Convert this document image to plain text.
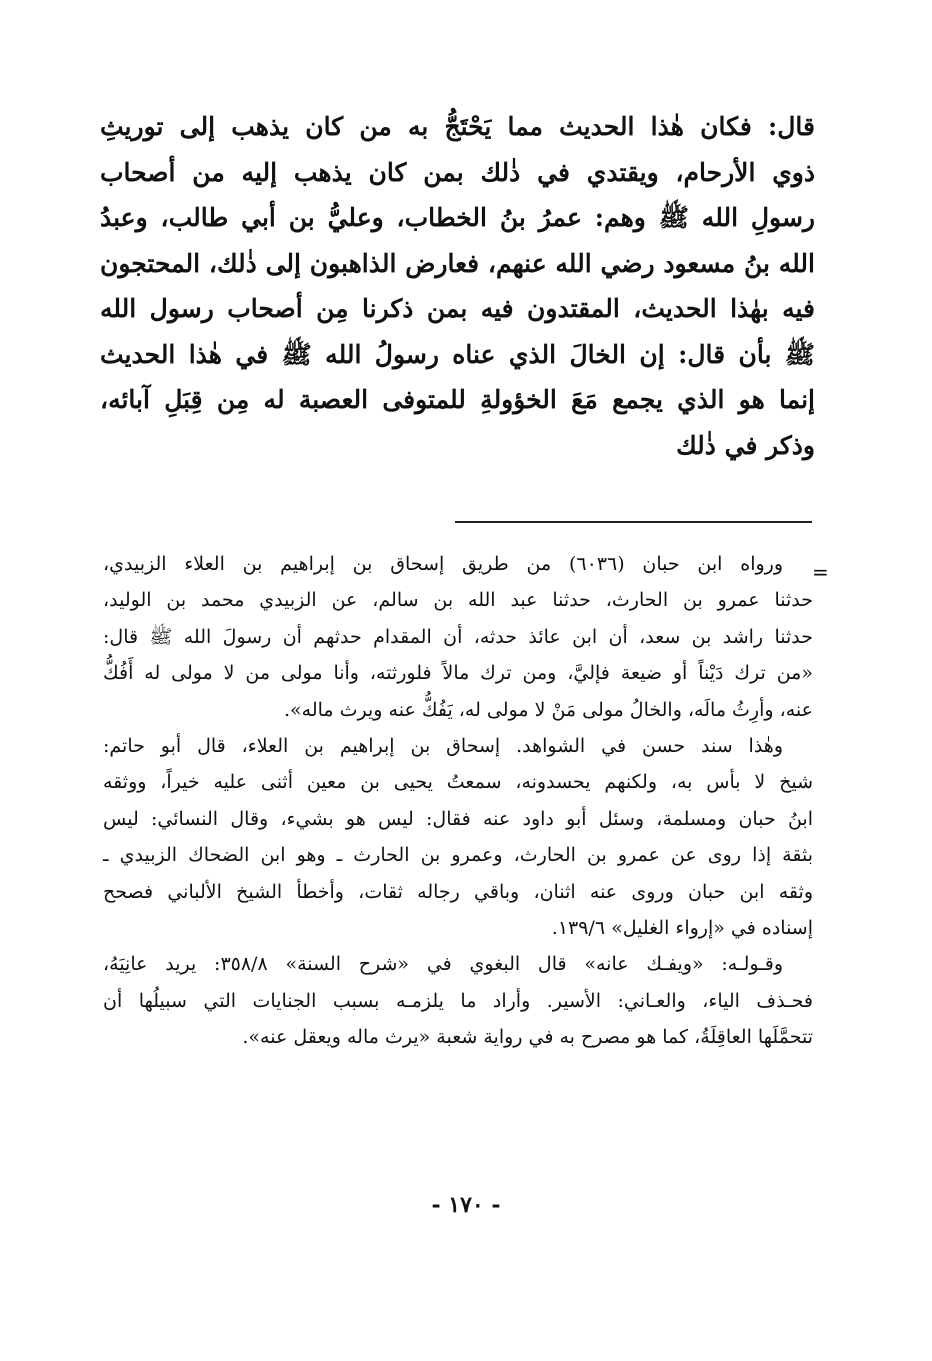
قال: فكان هٰذا الحديث مما يَحْتَجُّ به من كان يذهب إلى توريثِ
ذوي الأرحام، ويقتدي في ذٰلك بمن كان يذهب إليه من أصحاب
رسولِ الله ﷺ وهم: عمرُ بنُ الخطاب، وعليُّ بن أبي طالب، وعبدُ
الله بنُ مسعود رضي الله عنهم، فعارض الذاهبون إلى ذٰلك، المحتجون
فيه بهٰذا الحديث، المقتدون فيه بمن ذكرنا مِن أصحاب رسول الله
ﷺ بأن قال: إن الخالَ الذي عناه رسولُ الله ﷺ في هٰذا الحديث
إنما هو الذي يجمع مَعَ الخؤولةِ للمتوفى العصبة له مِن قِبَلِ آبائه،
وذكر في ذٰلك
=
ورواه ابن حبان (٦٠٣٦) من طريق إسحاق بن إبراهيم بن العلاء الزبيدي،
حدثنا عمرو بن الحارث، حدثنا عبد الله بن سالم، عن الزبيدي محمد بن الوليد،
حدثنا راشد بن سعد، أن ابن عائذ حدثه، أن المقدام حدثهم أن رسولَ الله ﷺ قال:
«من ترك دَيْناً أو ضيعة فإليَّ، ومن ترك مالاً فلورثته، وأنا مولى من لا مولى له أَفُكُّ
عنه، وأرِثُ مالَه، والخالُ مولى مَنْ لا مولى له، يَفُكُّ عنه ويرث ماله».
وهٰذا سند حسن في الشواهد. إسحاق بن إبراهيم بن العلاء، قال أبو حاتم:
شيخ لا بأس به، ولكنهم يحسدونه، سمعتُ يحيى بن معين أثنى عليه خيراً، ووثقه
ابنُ حبان ومسلمة، وسئل أبو داود عنه فقال: ليس هو بشيء، وقال النسائي: ليس
بثقة إذا روى عن عمرو بن الحارث، وعمرو بن الحارث ـ وهو ابن الضحاك الزبيدي ـ
وثقه ابن حبان وروى عنه اثنان، وباقي رجاله ثقات، وأخطأ الشيخ الألباني فصحح
إسناده في «إرواء الغليل» ١٣٩/٦.
وقـولـه: «ويفـك عانه» قال البغوي في «شرح السنة» ٣٥٨/٨: يريد عانِيَهُ،
فحـذف الياء، والعـاني: الأسير. وأراد ما يلزمـه بسبب الجنايات التي سبيلُها أن
تتحمَّلَها العاقِلَةُ، كما هو مصرح به في رواية شعبة «يرث ماله ويعقل عنه».
- ١٧٠ -
